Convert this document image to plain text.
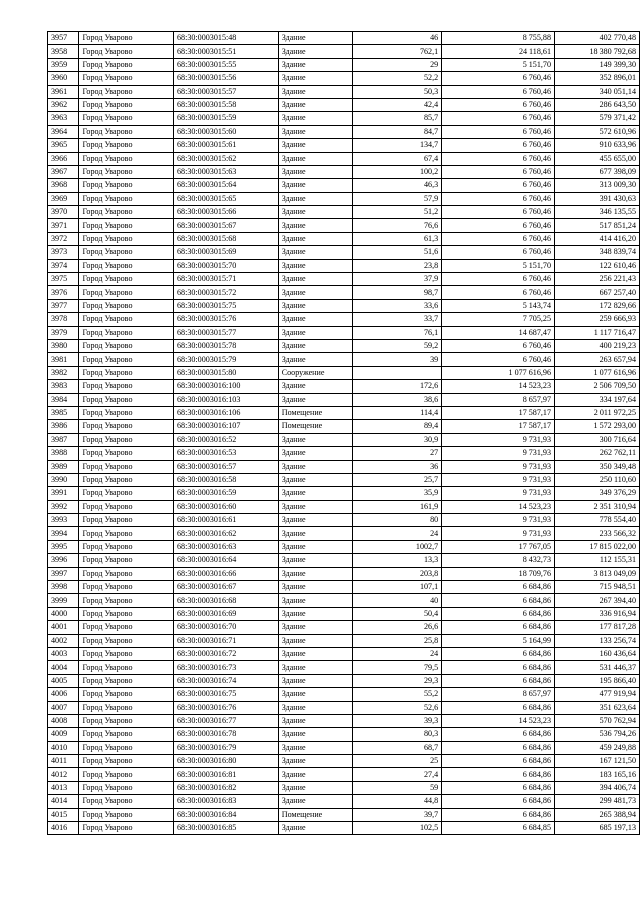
3957	Город Уварово	68:30:0003015:48	Здание	46	8 755,88	402 770,48
3958	Город Уварово	68:30:0003015:51	Здание	762,1	24 118,61	18 380 792,68
3959	Город Уварово	68:30:0003015:55	Здание	29	5 151,70	149 399,30
3960	Город Уварово	68:30:0003015:56	Здание	52,2	6 760,46	352 896,01
3961	Город Уварово	68:30:0003015:57	Здание	50,3	6 760,46	340 051,14
3962	Город Уварово	68:30:0003015:58	Здание	42,4	6 760,46	286 643,50
3963	Город Уварово	68:30:0003015:59	Здание	85,7	6 760,46	579 371,42
3964	Город Уварово	68:30:0003015:60	Здание	84,7	6 760,46	572 610,96
3965	Город Уварово	68:30:0003015:61	Здание	134,7	6 760,46	910 633,96
3966	Город Уварово	68:30:0003015:62	Здание	67,4	6 760,46	455 655,00
3967	Город Уварово	68:30:0003015:63	Здание	100,2	6 760,46	677 398,09
3968	Город Уварово	68:30:0003015:64	Здание	46,3	6 760,46	313 009,30
3969	Город Уварово	68:30:0003015:65	Здание	57,9	6 760,46	391 430,63
3970	Город Уварово	68:30:0003015:66	Здание	51,2	6 760,46	346 135,55
3971	Город Уварово	68:30:0003015:67	Здание	76,6	6 760,46	517 851,24
3972	Город Уварово	68:30:0003015:68	Здание	61,3	6 760,46	414 416,20
3973	Город Уварово	68:30:0003015:69	Здание	51,6	6 760,46	348 839,74
3974	Город Уварово	68:30:0003015:70	Здание	23,8	5 151,70	122 610,46
3975	Город Уварово	68:30:0003015:71	Здание	37,9	6 760,46	256 221,43
3976	Город Уварово	68:30:0003015:72	Здание	98,7	6 760,46	667 257,40
3977	Город Уварово	68:30:0003015:75	Здание	33,6	5 143,74	172 829,66
3978	Город Уварово	68:30:0003015:76	Здание	33,7	7 705,25	259 666,93
3979	Город Уварово	68:30:0003015:77	Здание	76,1	14 687,47	1 117 716,47
3980	Город Уварово	68:30:0003015:78	Здание	59,2	6 760,46	400 219,23
3981	Город Уварово	68:30:0003015:79	Здание	39	6 760,46	263 657,94
3982	Город Уварово	68:30:0003015:80	Сооружение		1 077 616,96	1 077 616,96
3983	Город Уварово	68:30:0003016:100	Здание	172,6	14 523,23	2 506 709,50
3984	Город Уварово	68:30:0003016:103	Здание	38,6	8 657,97	334 197,64
3985	Город Уварово	68:30:0003016:106	Помещение	114,4	17 587,17	2 011 972,25
3986	Город Уварово	68:30:0003016:107	Помещение	89,4	17 587,17	1 572 293,00
3987	Город Уварово	68:30:0003016:52	Здание	30,9	9 731,93	300 716,64
3988	Город Уварово	68:30:0003016:53	Здание	27	9 731,93	262 762,11
3989	Город Уварово	68:30:0003016:57	Здание	36	9 731,93	350 349,48
3990	Город Уварово	68:30:0003016:58	Здание	25,7	9 731,93	250 110,60
3991	Город Уварово	68:30:0003016:59	Здание	35,9	9 731,93	349 376,29
3992	Город Уварово	68:30:0003016:60	Здание	161,9	14 523,23	2 351 310,94
3993	Город Уварово	68:30:0003016:61	Здание	80	9 731,93	778 554,40
3994	Город Уварово	68:30:0003016:62	Здание	24	9 731,93	233 566,32
3995	Город Уварово	68:30:0003016:63	Здание	1002,7	17 767,05	17 815 022,00
3996	Город Уварово	68:30:0003016:64	Здание	13,3	8 432,73	112 155,31
3997	Город Уварово	68:30:0003016:66	Здание	203,8	18 709,76	3 813 049,09
3998	Город Уварово	68:30:0003016:67	Здание	107,1	6 684,86	715 948,51
3999	Город Уварово	68:30:0003016:68	Здание	40	6 684,86	267 394,40
4000	Город Уварово	68:30:0003016:69	Здание	50,4	6 684,86	336 916,94
4001	Город Уварово	68:30:0003016:70	Здание	26,6	6 684,86	177 817,28
4002	Город Уварово	68:30:0003016:71	Здание	25,8	5 164,99	133 256,74
4003	Город Уварово	68:30:0003016:72	Здание	24	6 684,86	160 436,64
4004	Город Уварово	68:30:0003016:73	Здание	79,5	6 684,86	531 446,37
4005	Город Уварово	68:30:0003016:74	Здание	29,3	6 684,86	195 866,40
4006	Город Уварово	68:30:0003016:75	Здание	55,2	8 657,97	477 919,94
4007	Город Уварово	68:30:0003016:76	Здание	52,6	6 684,86	351 623,64
4008	Город Уварово	68:30:0003016:77	Здание	39,3	14 523,23	570 762,94
4009	Город Уварово	68:30:0003016:78	Здание	80,3	6 684,86	536 794,26
4010	Город Уварово	68:30:0003016:79	Здание	68,7	6 684,86	459 249,88
4011	Город Уварово	68:30:0003016:80	Здание	25	6 684,86	167 121,50
4012	Город Уварово	68:30:0003016:81	Здание	27,4	6 684,86	183 165,16
4013	Город Уварово	68:30:0003016:82	Здание	59	6 684,86	394 406,74
4014	Город Уварово	68:30:0003016:83	Здание	44,8	6 684,86	299 481,73
4015	Город Уварово	68:30:0003016:84	Помещение	39,7	6 684,86	265 388,94
4016	Город Уварово	68:30:0003016:85	Здание	102,5	6 684,85	685 197,13
